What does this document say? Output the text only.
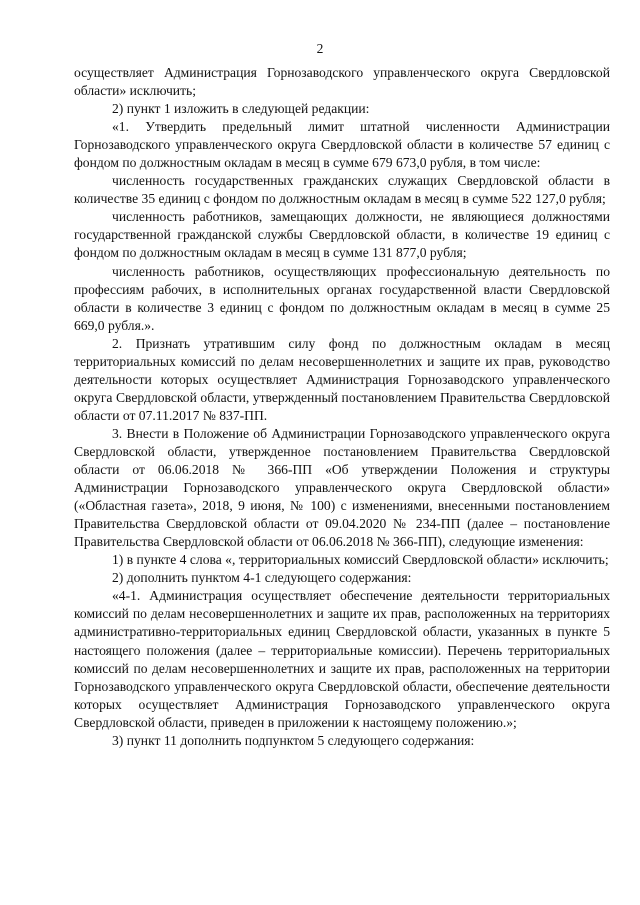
2

осуществляет Администрация Горнозаводского управленческого округа Свердловской области» исключить;

2) пункт 1 изложить в следующей редакции:

«1. Утвердить предельный лимит штатной численности Администрации Горнозаводского управленческого округа Свердловской области в количестве 57 единиц с фондом по должностным окладам в месяц в сумме 679 673,0 рубля, в том числе:

численность государственных гражданских служащих Свердловской области в количестве 35 единиц с фондом по должностным окладам в месяц в сумме 522 127,0 рубля;

численность работников, замещающих должности, не являющиеся должностями государственной гражданской службы Свердловской области, в количестве 19 единиц с фондом по должностным окладам в месяц в сумме 131 877,0 рубля;

численность работников, осуществляющих профессиональную деятельность по профессиям рабочих, в исполнительных органах государственной власти Свердловской области в количестве 3 единиц с фондом по должностным окладам в месяц в сумме 25 669,0 рубля.».

2. Признать утратившим силу фонд по должностным окладам в месяц территориальных комиссий по делам несовершеннолетних и защите их прав, руководство деятельности которых осуществляет Администрация Горнозаводского управленческого округа Свердловской области, утвержденный постановлением Правительства Свердловской области от 07.11.2017 № 837-ПП.

3. Внести в Положение об Администрации Горнозаводского управленческого округа Свердловской области, утвержденное постановлением Правительства Свердловской области от 06.06.2018 № 366-ПП «Об утверждении Положения и структуры Администрации Горнозаводского управленческого округа Свердловской области» («Областная газета», 2018, 9 июня, № 100) с изменениями, внесенными постановлением Правительства Свердловской области от 09.04.2020 № 234-ПП (далее – постановление Правительства Свердловской области от 06.06.2018 № 366-ПП), следующие изменения:

1) в пункте 4 слова «, территориальных комиссий Свердловской области» исключить;

2) дополнить пунктом 4-1 следующего содержания:

«4-1. Администрация осуществляет обеспечение деятельности территориальных комиссий по делам несовершеннолетних и защите их прав, расположенных на территориях административно-территориальных единиц Свердловской области, указанных в пункте 5 настоящего положения (далее – территориальные комиссии). Перечень территориальных комиссий по делам несовершеннолетних и защите их прав, расположенных на территории Горнозаводского управленческого округа Свердловской области, обеспечение деятельности которых осуществляет Администрация Горнозаводского управленческого округа Свердловской области, приведен в приложении к настоящему положению.»;

3) пункт 11 дополнить подпунктом 5 следующего содержания:
